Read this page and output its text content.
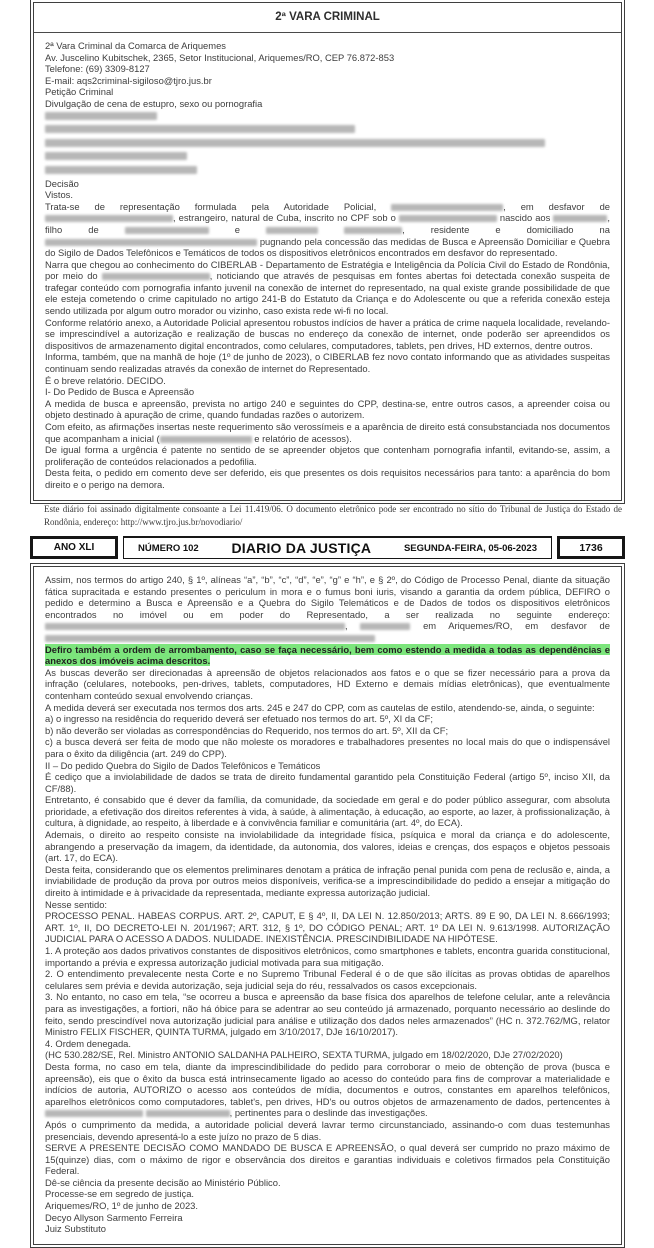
2ª VARA CRIMINAL
2ª Vara Criminal da Comarca de Ariquemes
Av. Juscelino Kubitschek, 2365, Setor Institucional, Ariquemes/RO, CEP 76.872-853
Telefone: (69) 3309-8127
E-mail: aqs2criminal-sigiloso@tjro.jus.br
Petição Criminal
Divulgação de cena de estupro, sexo ou pornografia
Decisão
Vistos.
Trata-se de representação formulada pela Autoridade Policial,	, em desfavor de , estrangeiro, natural de Cuba, inscrito no CPF sob o	nascido aos	, filho de	e	, residente e domiciliado na  pugnando pela concessão das medidas de Busca e Apreensão Domiciliar e Quebra do Sigilo de Dados Telefônicos e Temáticos de todos os dispositivos eletrônicos encontrados em desfavor do representado.
Narra que chegou ao conhecimento do CIBERLAB - Departamento de Estratégia e Inteligência da Polícia Civil do Estado de Rondônia, por meio do	, noticiando que através de pesquisas em fontes abertas foi detectada conexão suspeita de trafegar conteúdo com pornografia infanto juvenil na conexão de internet do representado, na qual existe grande possibilidade de que ele esteja cometendo o crime capitulado no artigo 241-B do Estatuto da Criança e do Adolescente ou que a referida conexão esteja sendo utilizada por algum outro morador ou vizinho, caso exista rede wi-fi no local.
Conforme relatório anexo, a Autoridade Policial apresentou robustos indícios de haver a prática de crime naquela localidade, revelando-se imprescindível a autorização e realização de buscas no endereço da conexão de internet, onde poderão ser apreendidos os dispositivos de armazenamento digital encontrados, como celulares, computadores, tablets, pen drives, HD externos, dentre outros.
Informa, também, que na manhã de hoje (1º de junho de 2023), o CIBERLAB fez novo contato informando que as atividades suspeitas continuam sendo realizadas através da conexão de internet do Representado.
É o breve relatório. DECIDO.
I- Do Pedido de Busca e Apreensão
A medida de busca e apreensão, prevista no artigo 240 e seguintes do CPP, destina-se, entre outros casos, a apreender coisa ou objeto destinado à apuração de crime, quando fundadas razões o autorizem.
Com efeito, as afirmações insertas neste requerimento são verossímeis e a aparência de direito está consubstanciada nos documentos que acompanham a inicial (	e relatório de acessos).
De igual forma a urgência é patente no sentido de se apreender objetos que contenham pornografia infantil, evitando-se, assim, a proliferação de conteúdos relacionados a pedofilia.
Desta feita, o pedido em comento deve ser deferido, eis que presentes os dois requisitos necessários para tanto: a aparência do bom direito e o perigo na demora.
Este diário foi assinado digitalmente consoante a Lei 11.419/06. O documento eletrônico pode ser encontrado no sítio do Tribunal de Justiça do Estado de Rondônia, endereço: http://www.tjro.jus.br/novodiario/
ANO XLI	NÚMERO 102 DIARIO DA JUSTIÇA	SEGUNDA-FEIRA, 05-06-2023	1736
Assim, nos termos do artigo 240, § 1º, alíneas “a”, “b”, “c”, “d”, “e”, “g” e “h”, e § 2º, do Código de Processo Penal, diante da situação fática supracitada e estando presentes o periculum in mora e o fumus boni iuris, visando a garantia da ordem pública, DEFIRO o pedido e determino a Busca e Apreensão e a Quebra do Sigilo Telemáticos e de Dados de todos os dispositivos eletrônicos encontrados no imóvel ou em poder do Representado, a ser realizada no seguinte endereço: ,	em Ariquemes/RO, em desfavor de
Defiro também a ordem de arrombamento, caso se faça necessário, bem como estendo a medida a todas as dependências e anexos dos imóveis acima descritos.
As buscas deverão ser direcionadas à apreensão de objetos relacionados aos fatos e o que se fizer necessário para a prova da infração (celulares, notebooks, pen-drives, tablets, computadores, HD Externo e demais mídias eletrônicas), que eventualmente contenham conteúdo sexual envolvendo crianças.
A medida deverá ser executada nos termos dos arts. 245 e 247 do CPP, com as cautelas de estilo, atendendo-se, ainda, o seguinte:
a) o ingresso na residência do requerido deverá ser efetuado nos termos do art. 5º, XI da CF;
b) não deverão ser violadas as correspondências do Requerido, nos termos do art. 5º, XII da CF;
c) a busca deverá ser feita de modo que não moleste os moradores e trabalhadores presentes no local mais do que o indispensável para o êxito da diligência (art. 249 do CPP).
II – Do pedido Quebra do Sigilo de Dados Telefônicos e Temáticos
É cediço que a inviolabilidade de dados se trata de direito fundamental garantido pela Constituição Federal (artigo 5º, inciso XII, da CF/88).
Entretanto, é consabido que é dever da família, da comunidade, da sociedade em geral e do poder público assegurar, com absoluta prioridade, a efetivação dos direitos referentes à vida, à saúde, à alimentação, à educação, ao esporte, ao lazer, à profissionalização, à cultura, à dignidade, ao respeito, à liberdade e à convivência familiar e comunitária (art. 4º, do ECA).
Ademais, o direito ao respeito consiste na inviolabilidade da integridade física, psíquica e moral da criança e do adolescente, abrangendo a preservação da imagem, da identidade, da autonomia, dos valores, ideias e crenças, dos espaços e objetos pessoais (art. 17, do ECA).
Desta feita, considerando que os elementos preliminares denotam a prática de infração penal punida com pena de reclusão e, ainda, a inviabilidade de produção da prova por outros meios disponíveis, verifica-se a imprescindibilidade do pedido a ensejar a mitigação do direito à intimidade e à privacidade da representada, mediante expressa autorização judicial.
Nesse sentido:
PROCESSO PENAL. HABEAS CORPUS. ART. 2º, CAPUT, E § 4º, II, DA LEI N. 12.850/2013; ARTS. 89 E 90, DA LEI N. 8.666/1993; ART. 1º, II, DO DECRETO-LEI N. 201/1967; ART. 312, § 1º, DO CÓDIGO PENAL; ART. 1º DA LEI N. 9.613/1998. AUTORIZAÇÃO JUDICIAL PARA O ACESSO A DADOS. NULIDADE. INEXISTÊNCIA. PRESCINDIBILIDADE NA HIPÓTESE.
1. A proteção aos dados privativos constantes de dispositivos eletrônicos, como smartphones e tablets, encontra guarida constitucional, importando a prévia e expressa autorização judicial motivada para sua mitigação.
2. O entendimento prevalecente nesta Corte e no Supremo Tribunal Federal é o de que são ilícitas as provas obtidas de aparelhos celulares sem prévia e devida autorização, seja judicial seja do réu, ressalvados os casos excepcionais.
3. No entanto, no caso em tela, “se ocorreu a busca e apreensão da base física dos aparelhos de telefone celular, ante a relevância para as investigações, a fortiori, não há óbice para se adentrar ao seu conteúdo já armazenado, porquanto necessário ao deslinde do feito, sendo prescindível nova autorização judicial para análise e utilização dos dados neles armazenados” (HC n. 372.762/MG, relator Ministro FELIX FISCHER, QUINTA TURMA, julgado em 3/10/2017, DJe 16/10/2017).
4. Ordem denegada.
(HC 530.282/SE, Rel. Ministro ANTONIO SALDANHA PALHEIRO, SEXTA TURMA, julgado em 18/02/2020, DJe 27/02/2020)
Desta forma, no caso em tela, diante da imprescindibilidade do pedido para corroborar o meio de obtenção de prova (busca e apreensão), eis que o êxito da busca está intrinsecamente ligado ao acesso do conteúdo para fins de comprovar a materialidade e indícios de autoria, AUTORIZO o acesso aos conteúdos de mídia, documentos e outros, constantes em aparelhos telefônicos, aparelhos eletrônicos como computadores, tablet's, pen drives, HD's ou outros objetos de armazenamento de dados, pertencentes à  , pertinentes para o deslinde das investigações.
Após o cumprimento da medida, a autoridade policial deverá lavrar termo circunstanciado, assinando-o com duas testemunhas presenciais, devendo apresentá-lo a este juízo no prazo de 5 dias.
SERVE A PRESENTE DECISÃO COMO MANDADO DE BUSCA E APREENSÃO, o qual deverá ser cumprido no prazo máximo de 15(quinze) dias, com o máximo de rigor e observância dos direitos e garantias individuais e coletivos firmados pela Constituição Federal.
Dê-se ciência da presente decisão ao Ministério Público.
Processe-se em segredo de justiça.
Ariquemes/RO, 1º de junho de 2023.
Decyo Allyson Sarmento Ferreira
Juiz Substituto
